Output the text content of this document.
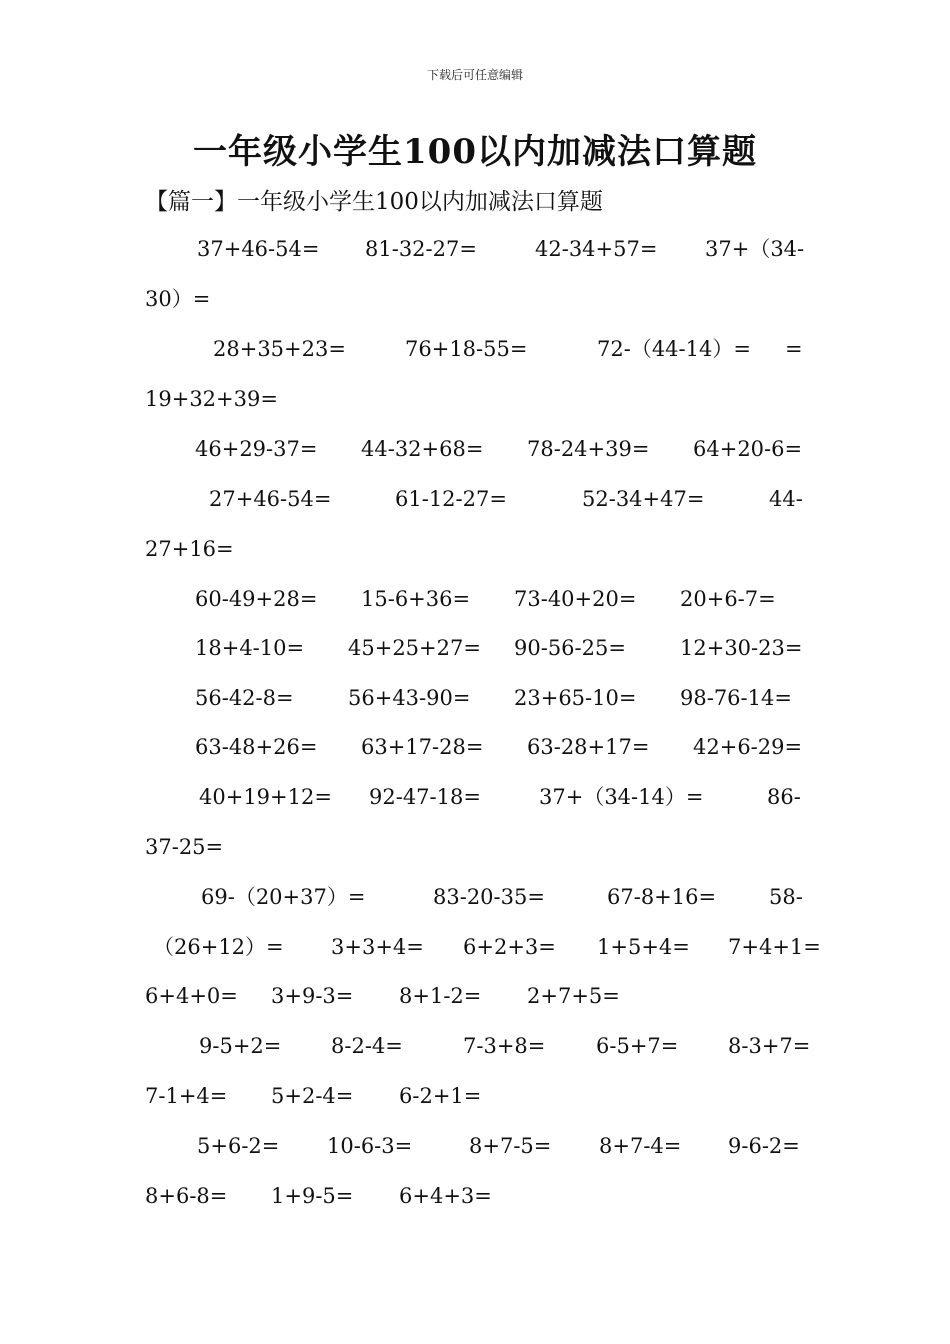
下载后可任意编辑
一年级小学生100以内加减法口算题
【篇一】一年级小学生100以内加减法口算题
37+46-54= 81-32-27=	42-34+57= 37+（34-
30）=
28+35+23=	76+18-55=	72-（44-14）= =
19+32+39=
46+29-37= 44-32+68= 78-24+39= 64+20-6=
27+46-54=	61-12-27=	52-34+47=	44-
27+16=
60-49+28= 15-6+36= 73-40+20= 20+6-7=
18+4-10= 45+25+27= 90-56-25=	12+30-23=
56-42-8=	56+43-90= 23+65-10= 98-76-14=
63-48+26= 63+17-28= 63-28+17= 42+6-29=
40+19+12= 92-47-18=	37+（34-14）=	86-
37-25=
69-（20+37）=	83-20-35=	67-8+16=	58-
（26+12）= 3+3+4= 6+2+3= 1+5+4= 7+4+1=
6+4+0= 3+9-3= 8+1-2= 2+7+5=
9-5+2= 8-2-4=	7-3+8= 6-5+7= 8-3+7=
7-1+4= 5+2-4= 6-2+1=
5+6-2= 10-6-3=	8+7-5= 8+7-4= 9-6-2=
8+6-8= 1+9-5= 6+4+3=
